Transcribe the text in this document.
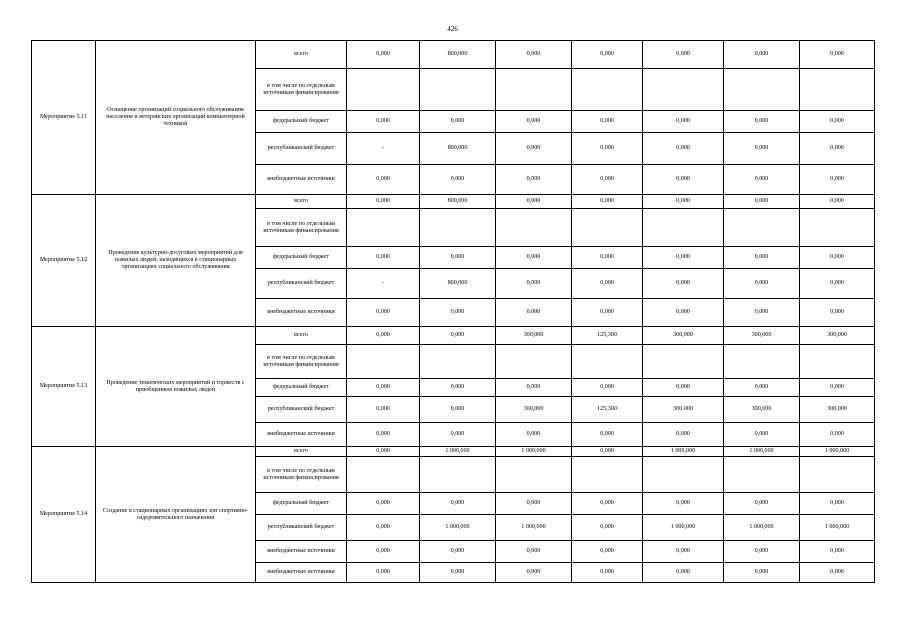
426
Мероприятие 5.11	Оснащение организаций социального обслуживания населения и ветеранских организаций компьютерной техникой	всего	0,000	800,000	0,000	0,000	0,000	0,000	0,000
		в том числе по отдельным источникам финансирования							
		федеральный бюджет	0,000	0,000	0,000	0,000	0,000	0,000	0,000
		республиканский бюджет	-	800,000	0,000	0,000	0,000	0,000	0,000
		внебюджетные источники	0,000	0,000	0,000	0,000	0,000	0,000	0,000
Мероприятие 5.12	Проведение культурно-досуговых мероприятий для пожилых людей, находящихся в стационарных организациях социального обслуживания	всего	0,000	800,000	0,000	0,000	0,000	0,000	0,000
		в том числе по отдельным источникам финансирования							
		федеральный бюджет	0,000	0,000	0,000	0,000	0,000	0,000	0,000
		республиканский бюджет	-	800,000	0,000	0,000	0,000	0,000	0,000
		внебюджетные источники	0,000	0,000	0,000	0,000	0,000	0,000	0,000
Мероприятие 5.13	Проведение тематических мероприятий и торжеств с приобщением пожилых людей	всего	0,000	0,000	300,000	125,300	300,000	300,000	300,000
		в том числе по отдельным источникам финансирования							
		федеральный бюджет	0,000	0,000	0,000	0,000	0,000	0,000	0,000
		республиканский бюджет	0,000	0,000	300,000	125,300	300,000	300,000	300,000
		внебюджетные источники	0,000	0,000	0,000	0,000	0,000	0,000	0,000
Мероприятие 5.14	Создание в стационарных организациях зон спортивно-оздоровительного назначения	всего	0,000	1 000,000	1 000,000	0,000	1 000,000	1 000,000	1 000,000
		в том числе по отдельным источникам финансирования							
		федеральный бюджет	0,000	0,000	0,000	0,000	0,000	0,000	0,000
		республиканский бюджет	0,000	1 000,000	1 000,000	0,000	1 000,000	1 000,000	1 000,000
		внебюджетные источники	0,000	0,000	0,000	0,000	0,000	0,000	0,000
		внебюджетные источники	0,000	0,000	0,000	0,000	0,000	0,000	0,000
